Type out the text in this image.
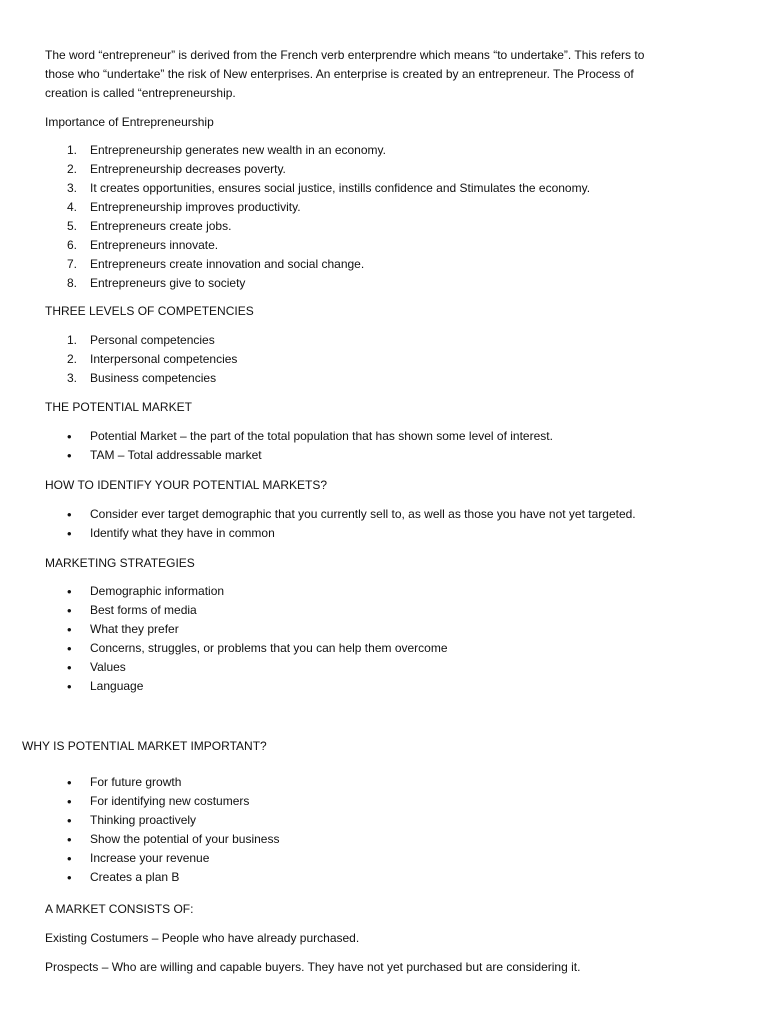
The word “entrepreneur” is derived from the French verb enterprendre which means “to undertake”. This refers to
those who “undertake” the risk of New enterprises. An enterprise is created by an entrepreneur. The Process of
creation is called “entrepreneurship.

Importance of Entrepreneurship

1. Entrepreneurship generates new wealth in an economy.
2. Entrepreneurship decreases poverty.
3. It creates opportunities, ensures social justice, instills confidence and Stimulates the economy.
4. Entrepreneurship improves productivity.
5. Entrepreneurs create jobs.
6. Entrepreneurs innovate.
7. Entrepreneurs create innovation and social change.
8. Entrepreneurs give to society

THREE LEVELS OF COMPETENCIES

1. Personal competencies
2. Interpersonal competencies
3. Business competencies

THE POTENTIAL MARKET

• Potential Market – the part of the total population that has shown some level of interest.
• TAM – Total addressable market

HOW TO IDENTIFY YOUR POTENTIAL MARKETS?

• Consider ever target demographic that you currently sell to, as well as those you have not yet targeted.
• Identify what they have in common

MARKETING STRATEGIES

• Demographic information
• Best forms of media
• What they prefer
• Concerns, struggles, or problems that you can help them overcome
• Values
• Language

WHY IS POTENTIAL MARKET IMPORTANT?

• For future growth
• For identifying new costumers
• Thinking proactively
• Show the potential of your business
• Increase your revenue
• Creates a plan B

A MARKET CONSISTS OF:

Existing Costumers – People who have already purchased.

Prospects – Who are willing and capable buyers. They have not yet purchased but are considering it.
